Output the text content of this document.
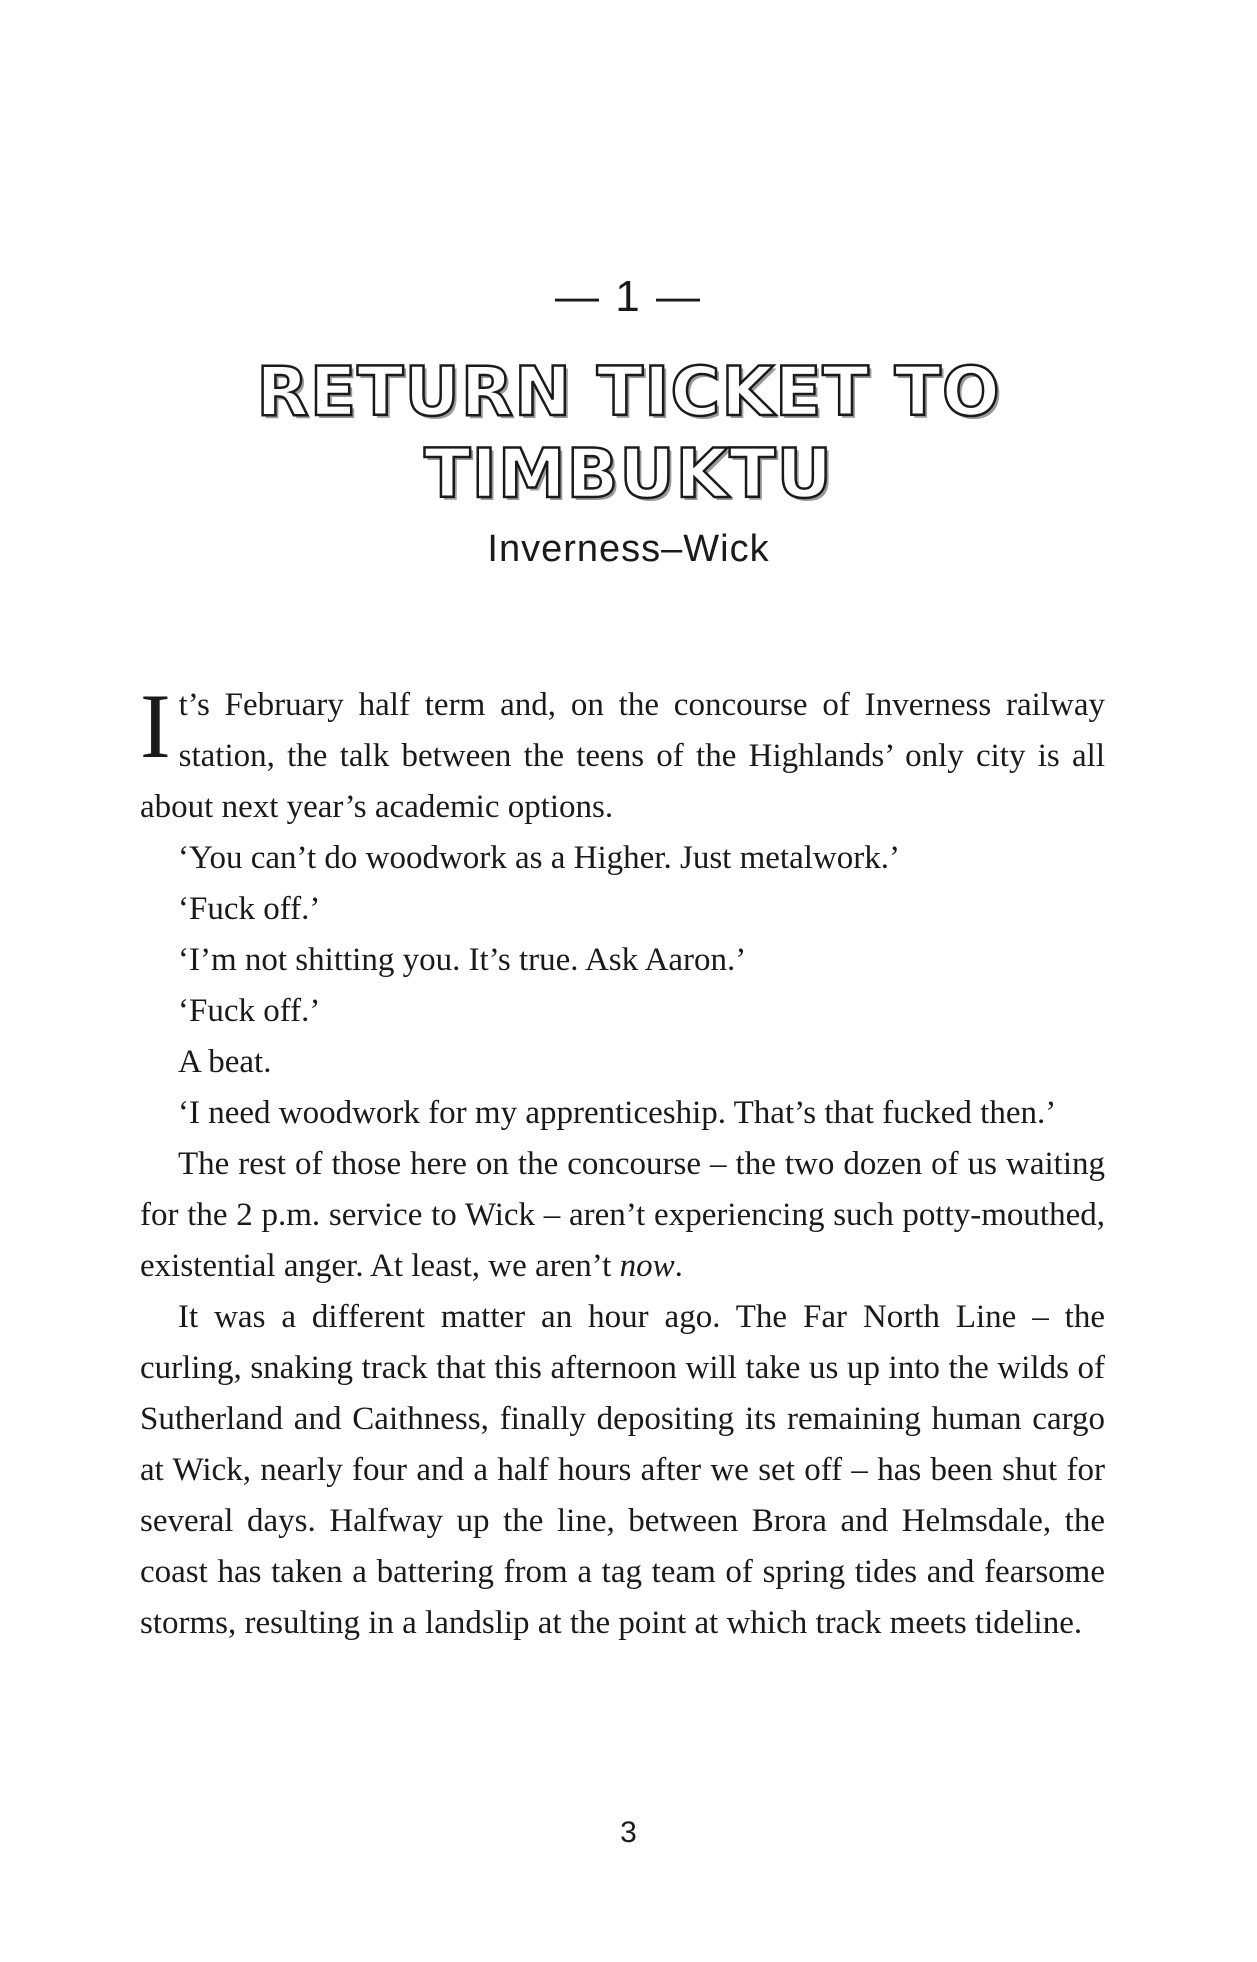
— 1 —
RETURN TICKET TO
TIMBUKTU
Inverness–Wick

It’s February half term and, on the concourse of Inverness railway station, the talk between the teens of the Highlands’ only city is all about next year’s academic options.

‘You can’t do woodwork as a Higher. Just metalwork.’

‘Fuck off.’

‘I’m not shitting you. It’s true. Ask Aaron.’

‘Fuck off.’

A beat.

‘I need woodwork for my apprenticeship. That’s that fucked then.’

The rest of those here on the concourse – the two dozen of us waiting for the 2 p.m. service to Wick – aren’t experiencing such potty-mouthed, existential anger. At least, we aren’t now.

It was a different matter an hour ago. The Far North Line – the curling, snaking track that this afternoon will take us up into the wilds of Sutherland and Caithness, finally depositing its remaining human cargo at Wick, nearly four and a half hours after we set off – has been shut for several days. Halfway up the line, between Brora and Helmsdale, the coast has taken a battering from a tag team of spring tides and fearsome storms, resulting in a landslip at the point at which track meets tideline.

3
